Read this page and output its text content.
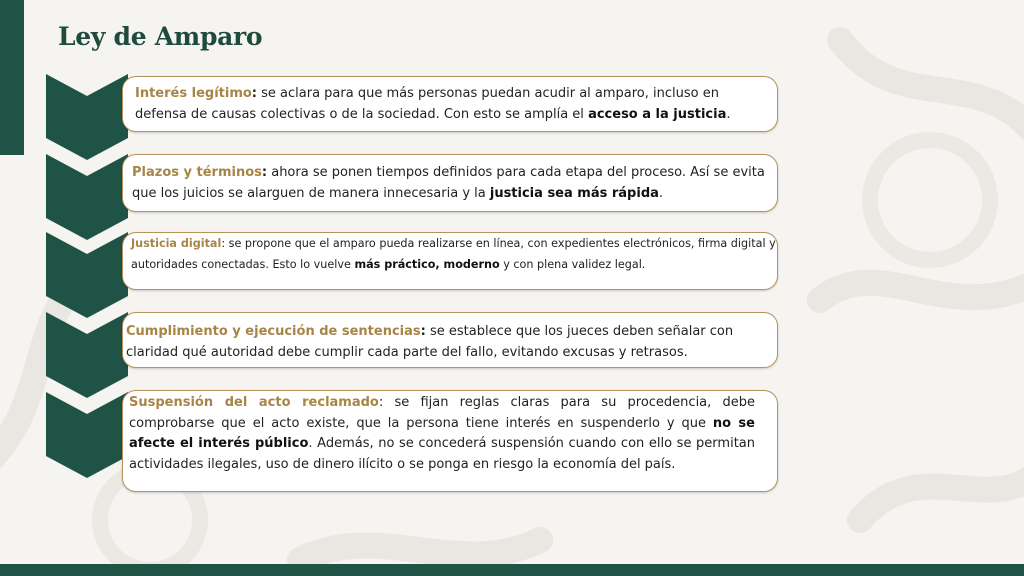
Ley de Amparo

Interés legítimo: se aclara para que más personas puedan acudir al amparo, incluso en defensa de causas colectivas o de la sociedad. Con esto se amplía el acceso a la justicia.

Plazos y términos: ahora se ponen tiempos definidos para cada etapa del proceso. Así se evita que los juicios se alarguen de manera innecesaria y la justicia sea más rápida.

Justicia digital: se propone que el amparo pueda realizarse en línea, con expedientes electrónicos, firma digital y autoridades conectadas. Esto lo vuelve más práctico, moderno y con plena validez legal.

Cumplimiento y ejecución de sentencias: se establece que los jueces deben señalar con claridad qué autoridad debe cumplir cada parte del fallo, evitando excusas y retrasos.

Suspensión del acto reclamado: se fijan reglas claras para su procedencia, debe comprobarse que el acto existe, que la persona tiene interés en suspenderlo y que no se afecte el interés público. Además, no se concederá suspensión cuando con ello se permitan actividades ilegales, uso de dinero ilícito o se ponga en riesgo la economía del país.
